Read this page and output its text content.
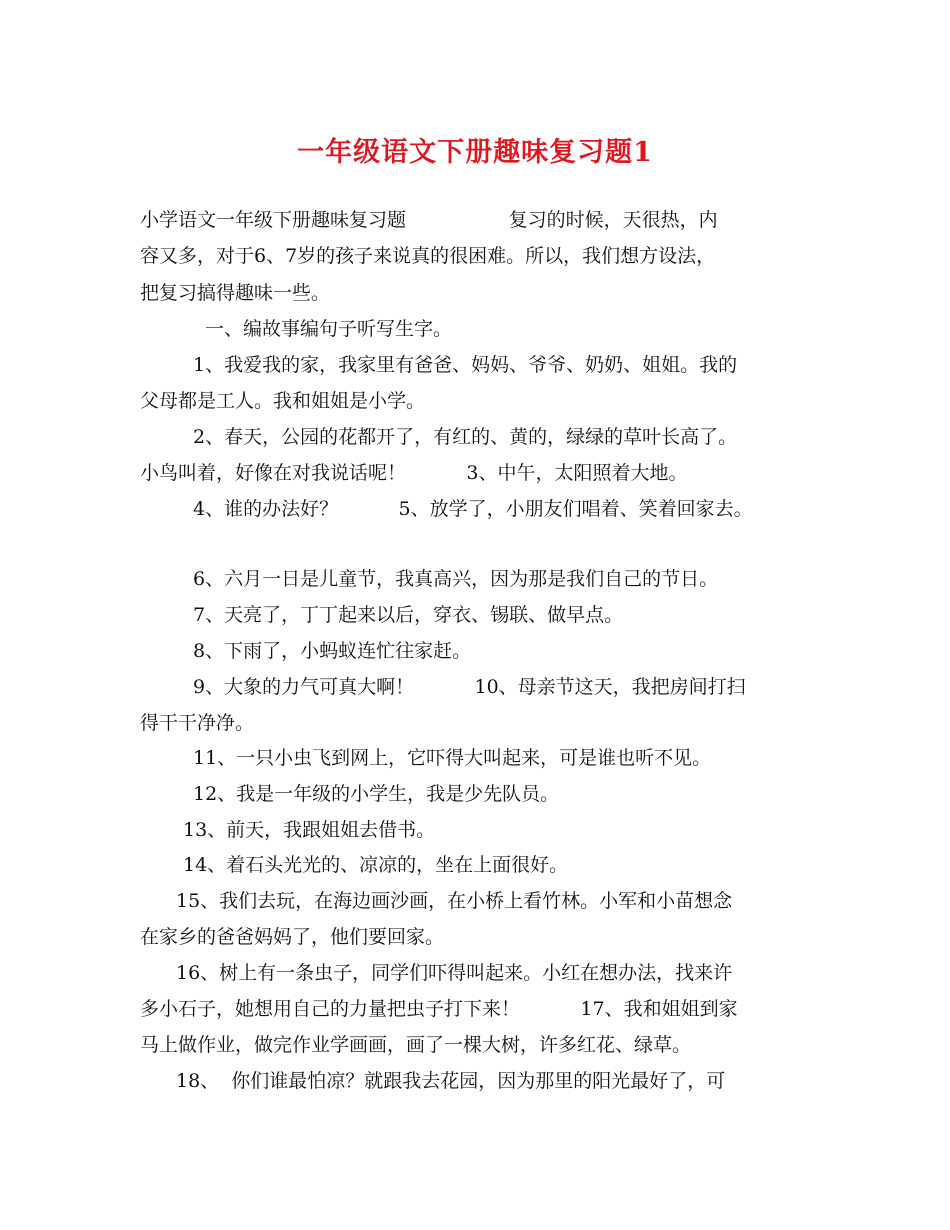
一年级语文下册趣味复习题1
小学语文一年级下册趣味复习题                 复习的时候，天很热，内
容又多，对于6、7岁的孩子来说真的很困难。所以，我们想方设法，
把复习搞得趣味一些。
一、编故事编句子听写生字。
1、我爱我的家，我家里有爸爸、妈妈、爷爷、奶奶、姐姐。我的
父母都是工人。我和姐姐是小学。
2、春天，公园的花都开了，有红的、黄的，绿绿的草叶长高了。
小鸟叫着，好像在对我说话呢！          3、中午，太阳照着大地。
4、谁的办法好？          5、放学了，小朋友们唱着、笑着回家去。
6、六月一日是儿童节，我真高兴，因为那是我们自己的节日。
7、天亮了，丁丁起来以后，穿衣、锡联、做早点。
8、下雨了，小蚂蚁连忙往家赶。
9、大象的力气可真大啊！          10、母亲节这天，我把房间打扫
得干干净净。
11、一只小虫飞到网上，它吓得大叫起来，可是谁也听不见。
12、我是一年级的小学生，我是少先队员。
13、前天，我跟姐姐去借书。
14、着石头光光的、凉凉的，坐在上面很好。
15、我们去玩，在海边画沙画，在小桥上看竹林。小军和小苗想念
在家乡的爸爸妈妈了，他们要回家。
16、树上有一条虫子，同学们吓得叫起来。小红在想办法，找来许
多小石子，她想用自己的力量把虫子打下来！          17、我和姐姐到家
马上做作业，做完作业学画画，画了一棵大树，许多红花、绿草。
18、  你们谁最怕凉？就跟我去花园，因为那里的阳光最好了，可
